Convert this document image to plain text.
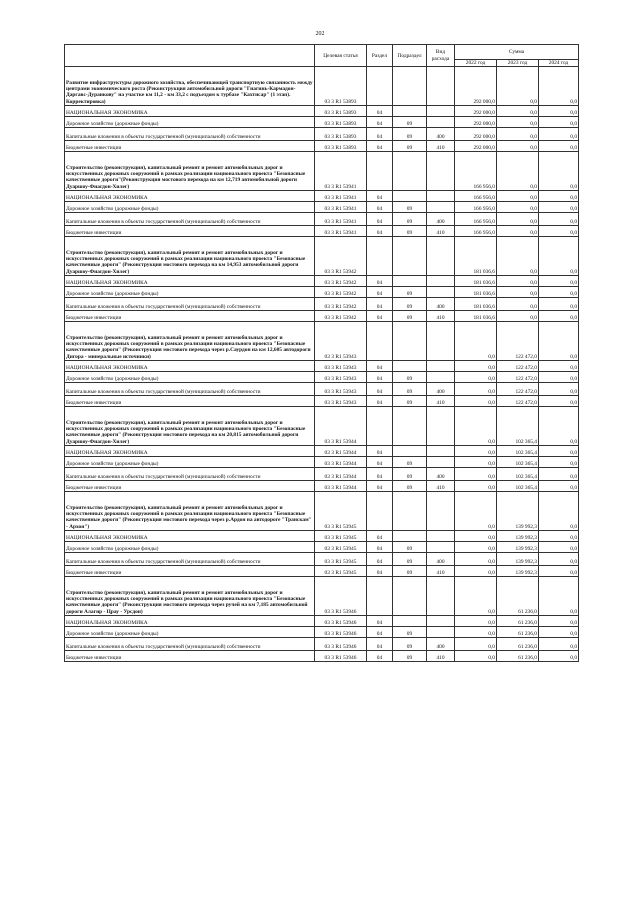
202
	Целевая статья	Раздел	Подраздел	Вид расхода	Сумма		
					2022 год	2023 год	2024 год
Развитие инфраструктуры дорожного хозяйства, обеспечивающей транспортную связанность между центрами экономического роста (Реконструкция автомобильной дороги "Гиагинь-Кармадон-Даргавс-Дуранкову" на участке км 11,2 - км 33,2 с подъездом к турбазе "Кахтисар" (1 этап). Корректировка)	03 3 R1 53893				292 000,0	0,0	0,0
НАЦИОНАЛЬНАЯ ЭКОНОМИКА	03 3 R1 53893	04			292 000,0	0,0	0,0
Дорожное хозяйство (дорожные фонды)	03 3 R1 53893	04	09		292 000,0	0,0	0,0
Капитальные вложения в объекты государственной (муниципальной) собственности	03 3 R1 53893	04	09	400	292 000,0	0,0	0,0
Бюджетные инвестиции	03 3 R1 53893	04	09	410	292 000,0	0,0	0,0
Строительство (реконструкция), капитальный ремонт и ремонт автомобильных дорог и искусственных дорожных сооружений в рамках реализации национального проекта "Безопасные качественные дороги"(Реконструкция мостового перехода на км 12,719 автомобильной дороги Дуаршоу-Фиагдон-Хилег)	03 3 R1 53941				166 956,0	0,0	0,0
НАЦИОНАЛЬНАЯ ЭКОНОМИКА	03 3 R1 53941	04			166 956,0	0,0	0,0
Дорожное хозяйство (дорожные фонды)	03 3 R1 53941	04	09		166 956,0	0,0	0,0
Капитальные вложения в объекты государственной (муниципальной) собственности	03 3 R1 53941	04	09	400	166 956,0	0,0	0,0
Бюджетные инвестиции	03 3 R1 53941	04	09	410	166 956,0	0,0	0,0
Строительство (реконструкция), капитальный ремонт и ремонт автомобильных дорог и искусственных дорожных сооружений в рамках реализации национального проекта "Безопасные качественные дороги" (Реконструкция мостового перехода на км 14,953 автомобильной дороги Дуаршоу-Фиагдон-Хилег)	03 3 R1 53942				181 036,6	0,0	0,0
НАЦИОНАЛЬНАЯ ЭКОНОМИКА	03 3 R1 53942	04			181 036,6	0,0	0,0
Дорожное хозяйство (дорожные фонды)	03 3 R1 53942	04	09		181 036,6	0,0	0,0
Капитальные вложения в объекты государственной (муниципальной) собственности	03 3 R1 53942	04	09	400	181 036,6	0,0	0,0
Бюджетные инвестиции	03 3 R1 53942	04	09	410	181 036,6	0,0	0,0
Строительство (реконструкция), капитальный ремонт и ремонт автомобильных дорог и искусственных дорожных сооружений в рамках реализации национального проекта "Безопасные качественные дороги" (Реконструкция мостового перехода через р.Саурдон на км 12,605 автодороги Дигора - минеральные источники)	03 3 R1 53943				0,0	122 472,0	0,0
НАЦИОНАЛЬНАЯ ЭКОНОМИКА	03 3 R1 53943	04			0,0	122 472,0	0,0
Дорожное хозяйство (дорожные фонды)	03 3 R1 53943	04	09		0,0	122 472,0	0,0
Капитальные вложения в объекты государственной (муниципальной) собственности	03 3 R1 53943	04	09	400	0,0	122 472,0	0,0
Бюджетные инвестиции	03 3 R1 53943	04	09	410	0,0	122 472,0	0,0
Строительство (реконструкция), капитальный ремонт и ремонт автомобильных дорог и искусственных дорожных сооружений в рамках реализации национального проекта "Безопасные качественные дороги" (Реконструкция мостового перехода на км 20,815 автомобильной дороги Дуаршоу-Фиагдон-Хилег)	03 3 R1 53944				0,0	102 365,4	0,0
НАЦИОНАЛЬНАЯ ЭКОНОМИКА	03 3 R1 53944	04			0,0	102 365,4	0,0
Дорожное хозяйство (дорожные фонды)	03 3 R1 53944	04	09		0,0	102 365,4	0,0
Капитальные вложения в объекты государственной (муниципальной) собственности	03 3 R1 53944	04	09	400	0,0	102 365,4	0,0
Бюджетные инвестиции	03 3 R1 53944	04	09	410	0,0	102 365,4	0,0
Строительство (реконструкция), капитальный ремонт и ремонт автомобильных дорог и искусственных дорожных сооружений в рамках реализации национального проекта "Безопасные качественные дороги" (Реконструкция мостового перехода через р.Ардон на автодороге "Транскам" - Архон")	03 3 R1 53945				0,0	139 992,3	0,0
НАЦИОНАЛЬНАЯ ЭКОНОМИКА	03 3 R1 53945	04			0,0	139 992,3	0,0
Дорожное хозяйство (дорожные фонды)	03 3 R1 53945	04	09		0,0	139 992,3	0,0
Капитальные вложения в объекты государственной (муниципальной) собственности	03 3 R1 53945	04	09	400	0,0	139 992,3	0,0
Бюджетные инвестиции	03 3 R1 53945	04	09	410	0,0	139 992,3	0,0
Строительство (реконструкция), капитальный ремонт и ремонт автомобильных дорог и искусственных дорожных сооружений в рамках реализации национального проекта "Безопасные качественные дороги" (Реконструкция мостового перехода через ручей на км 7,185 автомобильной дороги Алагир - Црау - Урсдон)	03 3 R1 53946				0,0	61 236,0	0,0
НАЦИОНАЛЬНАЯ ЭКОНОМИКА	03 3 R1 53946	04			0,0	61 236,0	0,0
Дорожное хозяйство (дорожные фонды)	03 3 R1 53946	04	09		0,0	61 236,0	0,0
Капитальные вложения в объекты государственной (муниципальной) собственности	03 3 R1 53946	04	09	400	0,0	61 236,0	0,0
Бюджетные инвестиции	03 3 R1 53946	04	09	410	0,0	61 236,0	0,0
